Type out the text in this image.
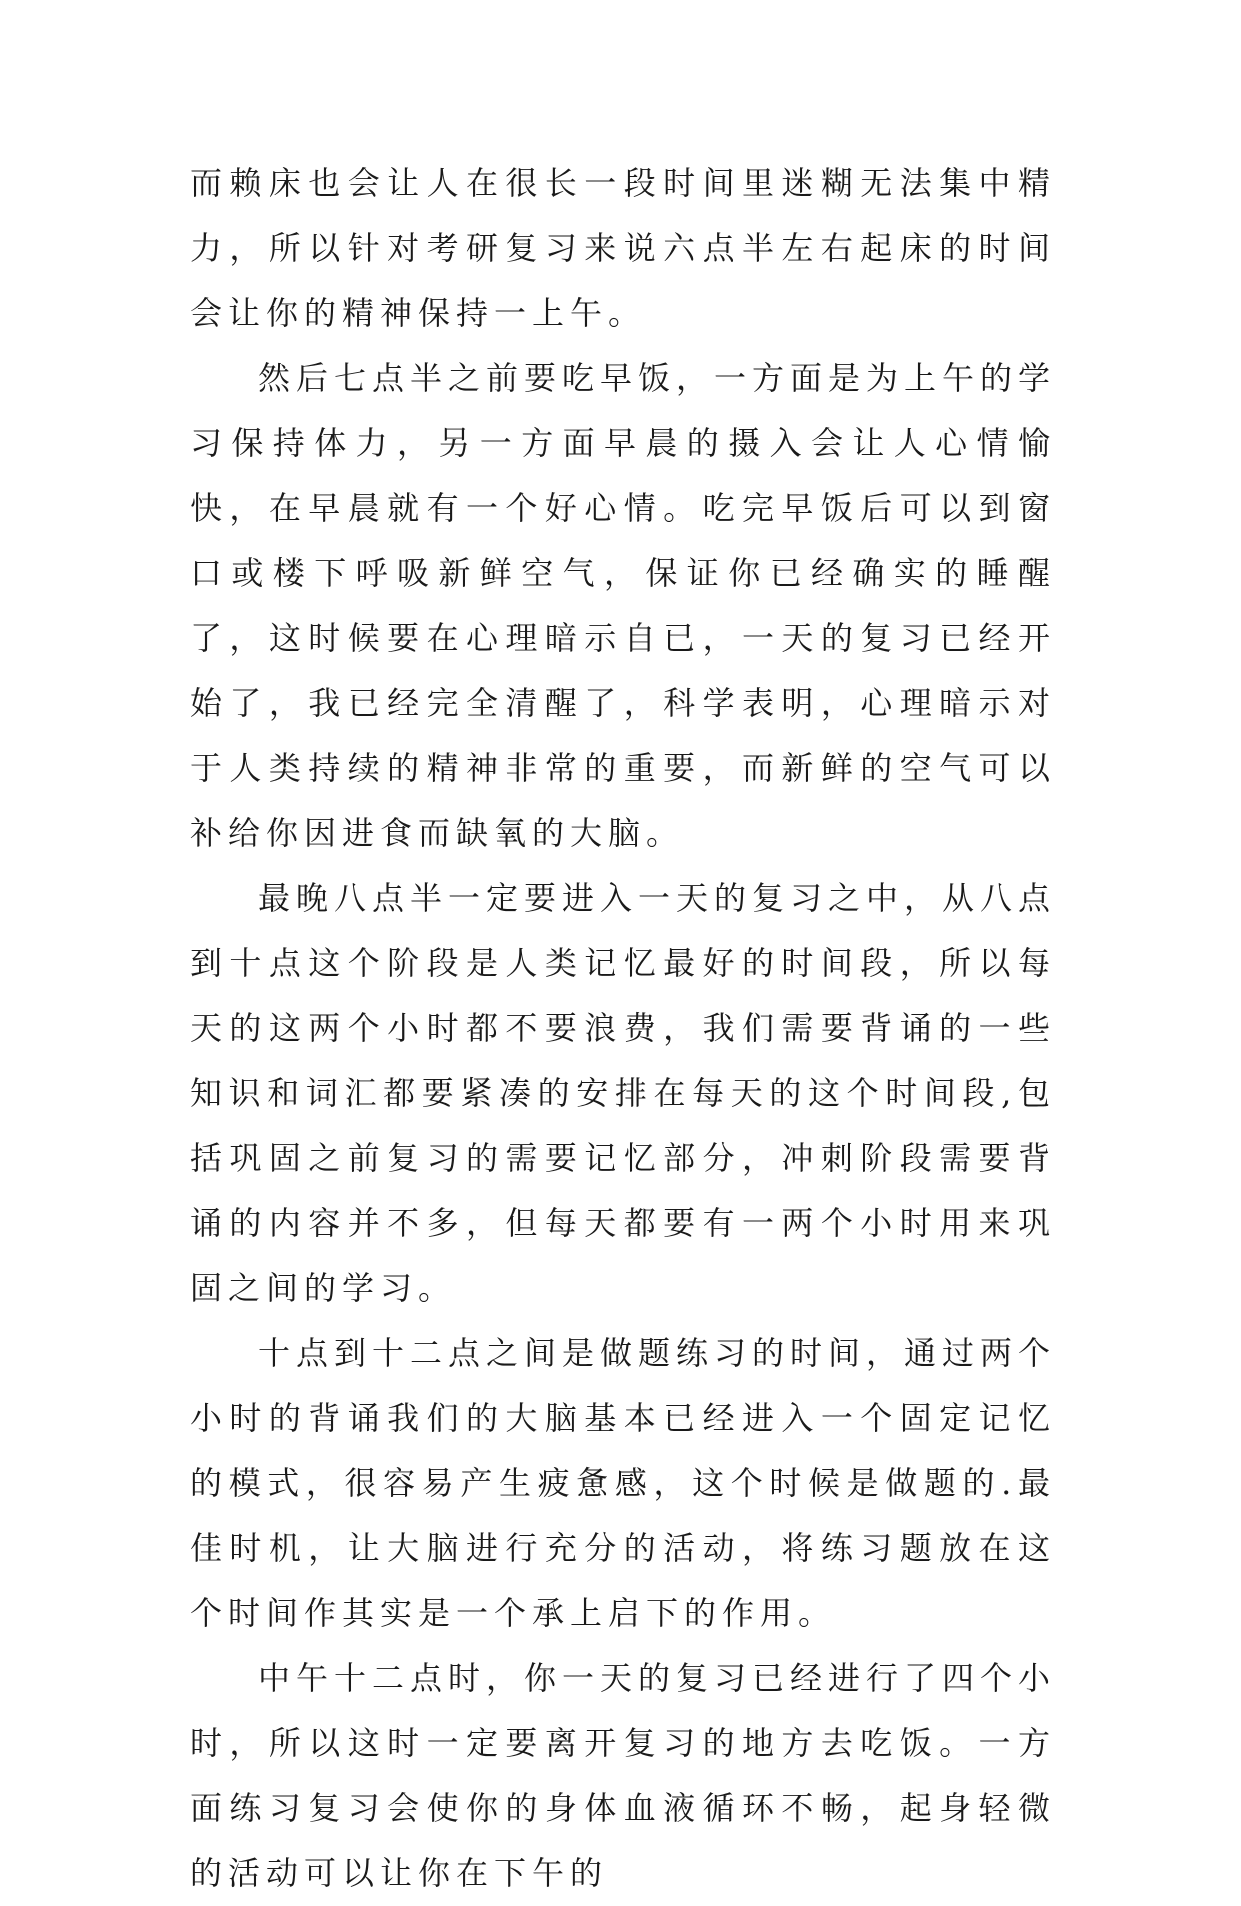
而赖床也会让人在很长一段时间里迷糊无法集中精力，所以针对考研复习来说六点半左右起床的时间会让你的精神保持一上午。

然后七点半之前要吃早饭，一方面是为上午的学习保持体力，另一方面早晨的摄入会让人心情愉快，在早晨就有一个好心情。吃完早饭后可以到窗口或楼下呼吸新鲜空气，保证你已经确实的睡醒了，这时候要在心理暗示自已，一天的复习已经开始了，我已经完全清醒了，科学表明，心理暗示对于人类持续的精神非常的重要，而新鲜的空气可以补给你因进食而缺氧的大脑。

最晚八点半一定要进入一天的复习之中，从八点到十点这个阶段是人类记忆最好的时间段，所以每天的这两个小时都不要浪费，我们需要背诵的一些知识和词汇都要紧凑的安排在每天的这个时间段,包括巩固之前复习的需要记忆部分，冲刺阶段需要背诵的内容并不多，但每天都要有一两个小时用来巩固之间的学习。

十点到十二点之间是做题练习的时间，通过两个小时的背诵我们的大脑基本已经进入一个固定记忆的模式，很容易产生疲惫感，这个时候是做题的.最佳时机，让大脑进行充分的活动，将练习题放在这个时间作其实是一个承上启下的作用。

中午十二点时，你一天的复习已经进行了四个小时，所以这时一定要离开复习的地方去吃饭。一方面练习复习会使你的身体血液循环不畅，起身轻微的活动可以让你在下午的
